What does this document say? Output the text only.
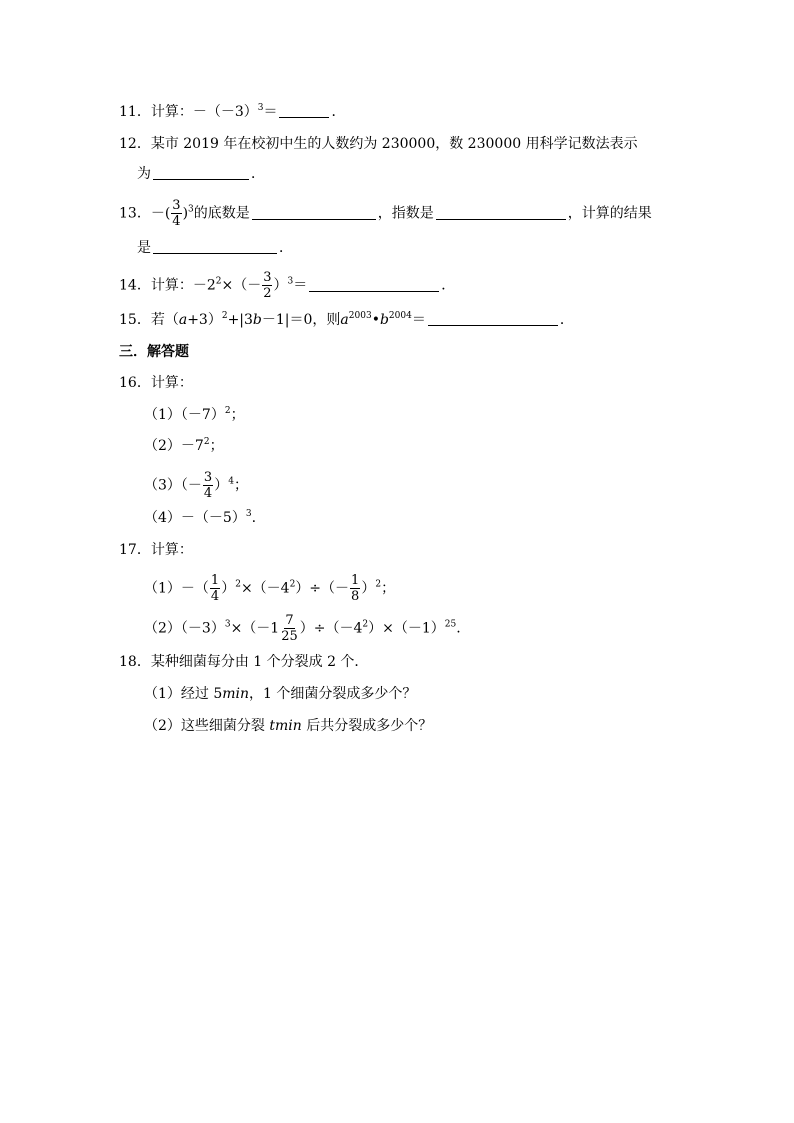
11．计算：$-(-3)^3=$	．
12．某市 2019 年在校初中生的人数约为 230000，数 230000 用科学记数法表示
为	．
13．－( $\frac{3}{4} )^3$的底数是	，指数是	，计算的结果
是	．
14．计算：$-2^2\times(- \frac{3}{2} )^3=$	．
15．若$(a+3)^2+|3b-1|=0$，则$a^{2003}•b^{2004}=$	．
三．解答题
16．计算：
$(1)(-7)^2$；
$(2)-7^2$；
$(3)(- \frac{3}{4} )^4$；
$(4)-(-5)^3$.
17．计算：
$(1)-( \frac{1}{4} )^2\times(-4^2)\div(- \frac{1}{8} )^2$；
$(2)(-3)^3\times(-1 \frac{7}{25} )\div(-4^2)\times(-1)^{25}$.
18．某种细菌每分由 1 个分裂成 2 个．
（1）经过 5min，1 个细菌分裂成多少个？
（2）这些细菌分裂 tmin 后共分裂成多少个？
